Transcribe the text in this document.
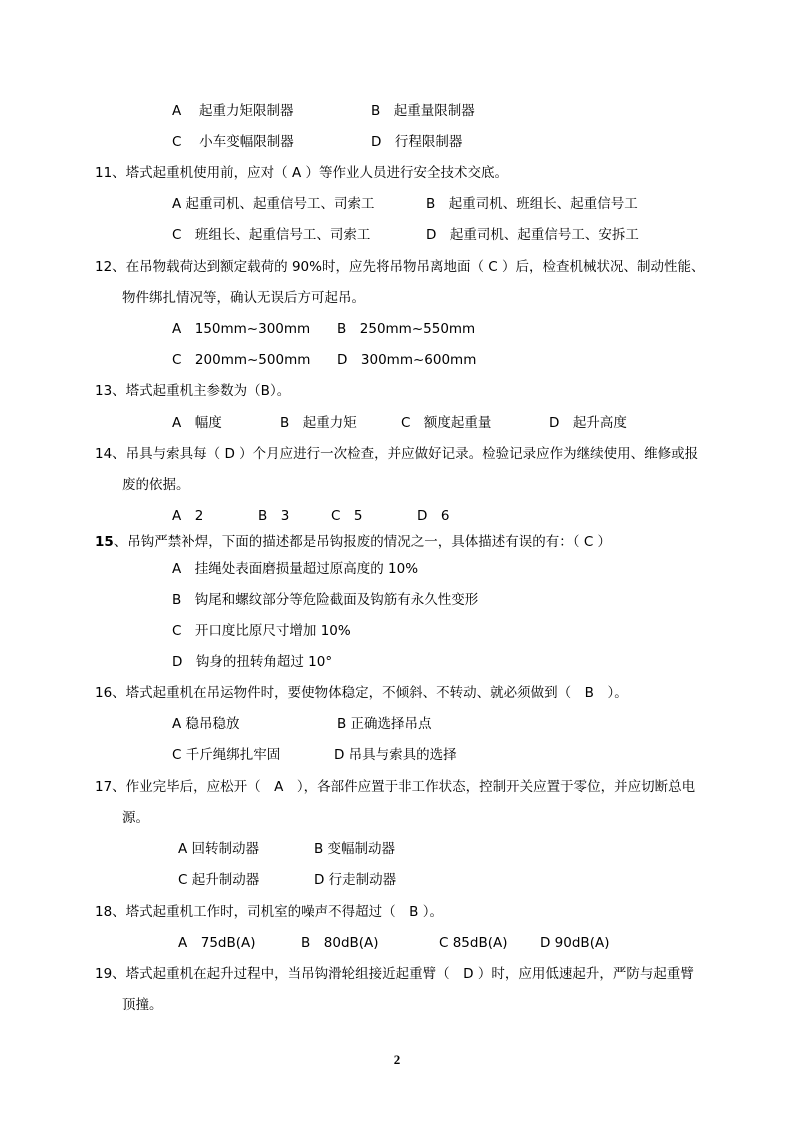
A　 起重力矩限制器	B　起重量限制器
C　 小车变幅限制器	D　行程限制器
11、塔式起重机使用前，应对（ A ）等作业人员进行安全技术交底。
A 起重司机、起重信号工、司索工	B　起重司机、班组长、起重信号工
C　班组长、起重信号工、司索工	D　起重司机、起重信号工、安拆工
12、在吊物载荷达到额定载荷的 90%时，应先将吊物吊离地面（ C ）后，检查机械状况、制动性能、
物件绑扎情况等，确认无误后方可起吊。
A　150mm~300mm B　250mm~550mm
C　200mm~500mm D　300mm~600mm
13、塔式起重机主参数为（B）。
A　幅度	B　起重力矩	C　额度起重量	D　起升高度
14、吊具与索具每（ D ）个月应进行一次检查，并应做好记录。检验记录应作为继续使用、维修或报
废的依据。
A　2	B　3	C　5	D　6
15、吊钩严禁补焊，下面的描述都是吊钩报废的情况之一，具体描述有误的有：（ C ）
A　挂绳处表面磨损量超过原高度的 10%
B　钩尾和螺纹部分等危险截面及钩筋有永久性变形
C　开口度比原尺寸增加 10%
D　钩身的扭转角超过 10°
16、塔式起重机在吊运物件时，要使物体稳定，不倾斜、不转动、就必须做到（　B　）。
A 稳吊稳放	B 正确选择吊点
C 千斤绳绑扎牢固	D 吊具与索具的选择
17、作业完毕后，应松开（　A　），各部件应置于非工作状态，控制开关应置于零位，并应切断总电
源。
A 回转制动器	B 变幅制动器
C 起升制动器	D 行走制动器
18、塔式起重机工作时，司机室的噪声不得超过（　B ）。
A　75dB(A)	B　80dB(A)	C 85dB(A) D 90dB(A)
19、塔式起重机在起升过程中，当吊钩滑轮组接近起重臂（　D ）时，应用低速起升，严防与起重臂
顶撞。
2
